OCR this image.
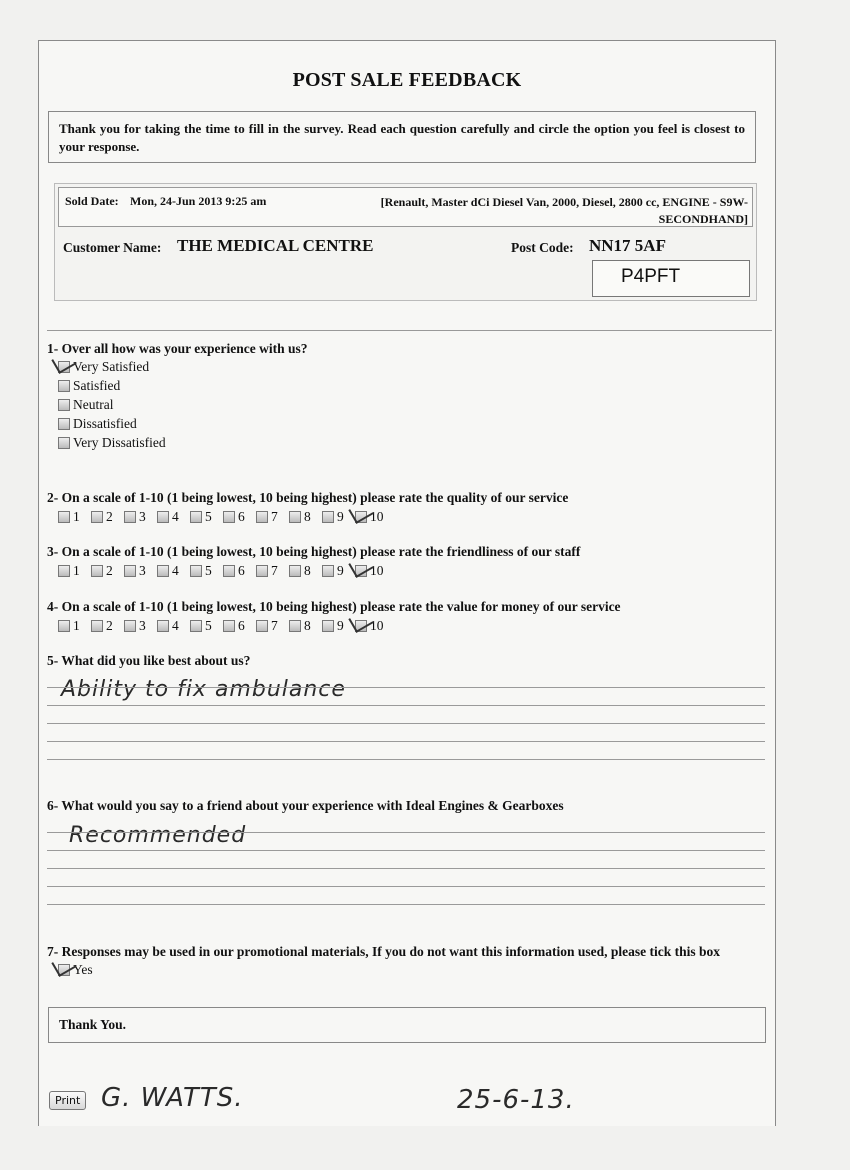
POST SALE FEEDBACK
Thank you for taking the time to fill in the survey. Read each question carefully and circle the option you feel is closest to your response.
Sold Date: Mon, 24-Jun 2013 9:25 am	[Renault, Master dCi Diesel Van, 2000, Diesel, 2800 cc, ENGINE - S9W-
SECONDHAND]
Customer Name: THE MEDICAL CENTRE	Post Code: NN17 5AF
P4PFT
1- Over all how was your experience with us?
Very Satisfied
Satisfied
Neutral
Dissatisfied
Very Dissatisfied
2- On a scale of 1-10 (1 being lowest, 10 being highest) please rate the quality of our service
1 2 3 4 5 6 7 8 9 10
3- On a scale of 1-10 (1 being lowest, 10 being highest) please rate the friendliness of our staff
1 2 3 4 5 6 7 8 9 10
4- On a scale of 1-10 (1 being lowest, 10 being highest) please rate the value for money of our service
1 2 3 4 5 6 7 8 9 10
5- What did you like best about us?
Ability to fix ambulance
6- What would you say to a friend about your experience with Ideal Engines & Gearboxes
Recommended
7- Responses may be used in our promotional materials, If you do not want this information used, please tick this box
Yes
Thank You.
Print G. WATTS.	25-6-13.
